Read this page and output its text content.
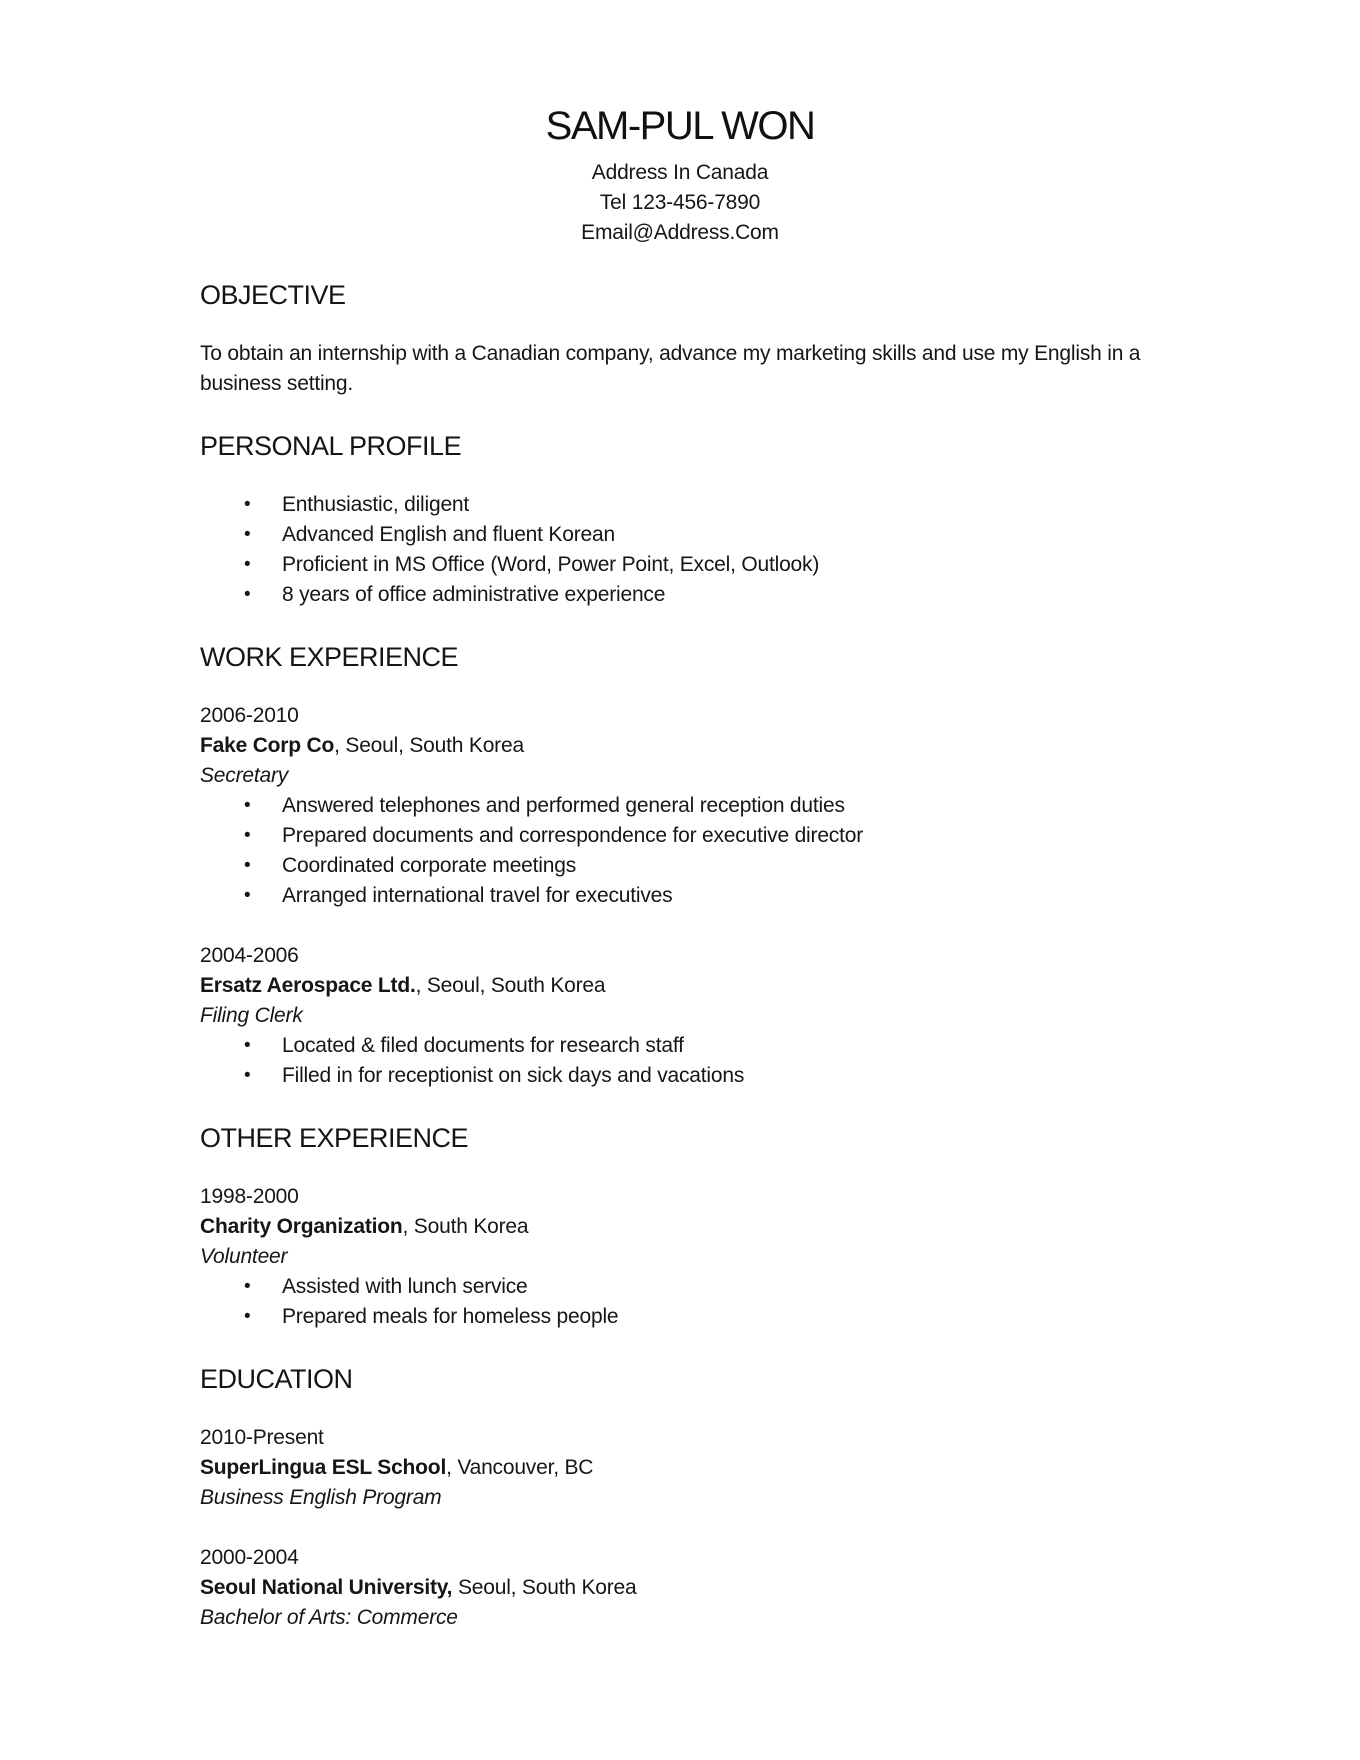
SAM-PUL WON
Address In Canada
Tel 123-456-7890
Email@Address.Com
OBJECTIVE

To obtain an internship with a Canadian company, advance my marketing skills and use my English in a business setting.

PERSONAL PROFILE
• Enthusiastic, diligent
• Advanced English and fluent Korean
• Proficient in MS Office (Word, Power Point, Excel, Outlook)
• 8 years of office administrative experience
WORK EXPERIENCE
2006-2010
Fake Corp Co, Seoul, South Korea
Secretary
• Answered telephones and performed general reception duties
• Prepared documents and correspondence for executive director
• Coordinated corporate meetings
• Arranged international travel for executives
2004-2006
Ersatz Aerospace Ltd., Seoul, South Korea
Filing Clerk
• Located & filed documents for research staff
• Filled in for receptionist on sick days and vacations
OTHER EXPERIENCE
1998-2000
Charity Organization, South Korea
Volunteer
• Assisted with lunch service
• Prepared meals for homeless people
EDUCATION
2010-Present
SuperLingua ESL School, Vancouver, BC
Business English Program
2000-2004
Seoul National University, Seoul, South Korea
Bachelor of Arts: Commerce
